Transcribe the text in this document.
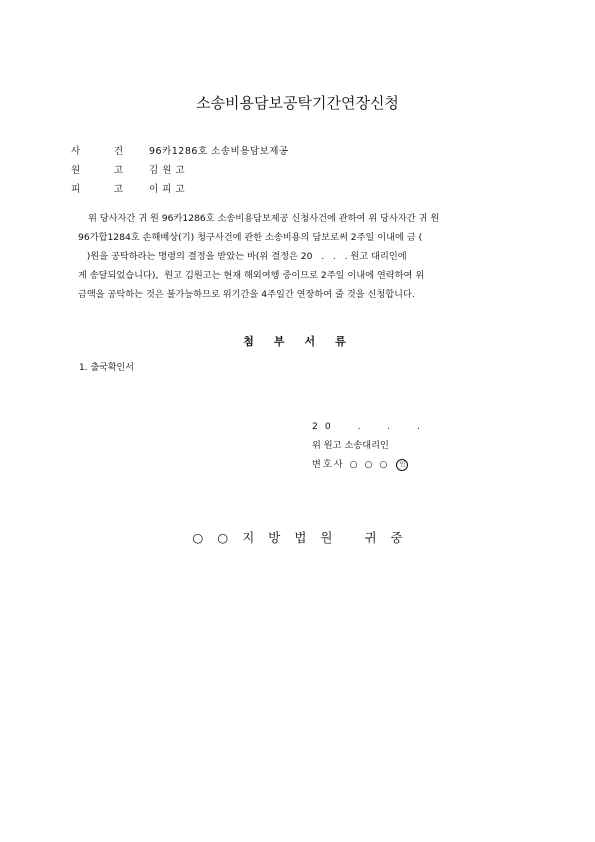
소송비용담보공탁기간연장신청
사 건	96카1286호 소송비용담보제공
원 고	김 원 고
피 고	이 피 고
위 당사자간 귀 원 96카1286호 소송비용담보제공 신청사건에 관하여 위 당사자간 귀 원
96가합1284호 손해배상(기) 청구사건에 관한 소송비용의 담보로써 2주일 이내에 금 (
)원을 공탁하라는 명령의 결정을 받았는 바(위 결정은 20   .   .   . 원고 대리인에
게 송달되었습니다),  원고 김원고는 현재 해외여행 중이므로 2주일 이내에 연락하여 위
금액을 공탁하는 것은 불가능하므로 위기간을 4주일간 연장하여 줄 것을 신청합니다.
첨부서류
1. 출국확인서
20  .  .  .
위 원고 소송대리인
변호사 ○ ○ ○ 인
○○지방법원 귀중
